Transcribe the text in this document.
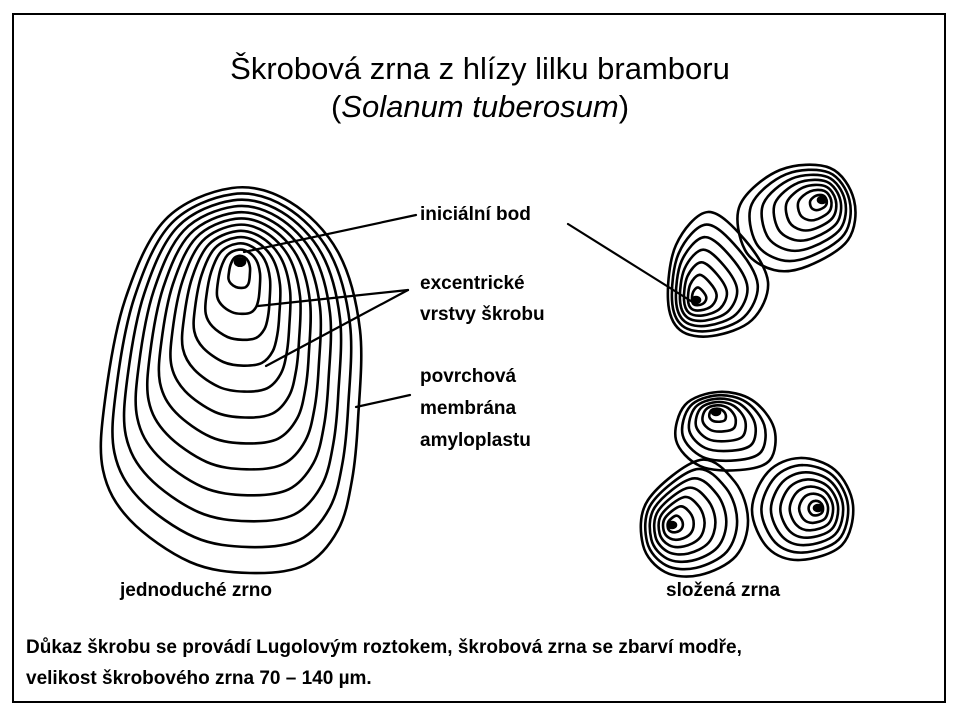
Škrobová zrna z hlízy lilku bramboru
(Solanum tuberosum)
iniciální bod
excentrické
vrstvy škrobu
povrchová
membrána
amyloplastu
jednoduché zrno	složená zrna
Důkaz škrobu se provádí Lugolovým roztokem, škrobová zrna se zbarví modře,
velikost škrobového zrna 70 – 140 µm.
